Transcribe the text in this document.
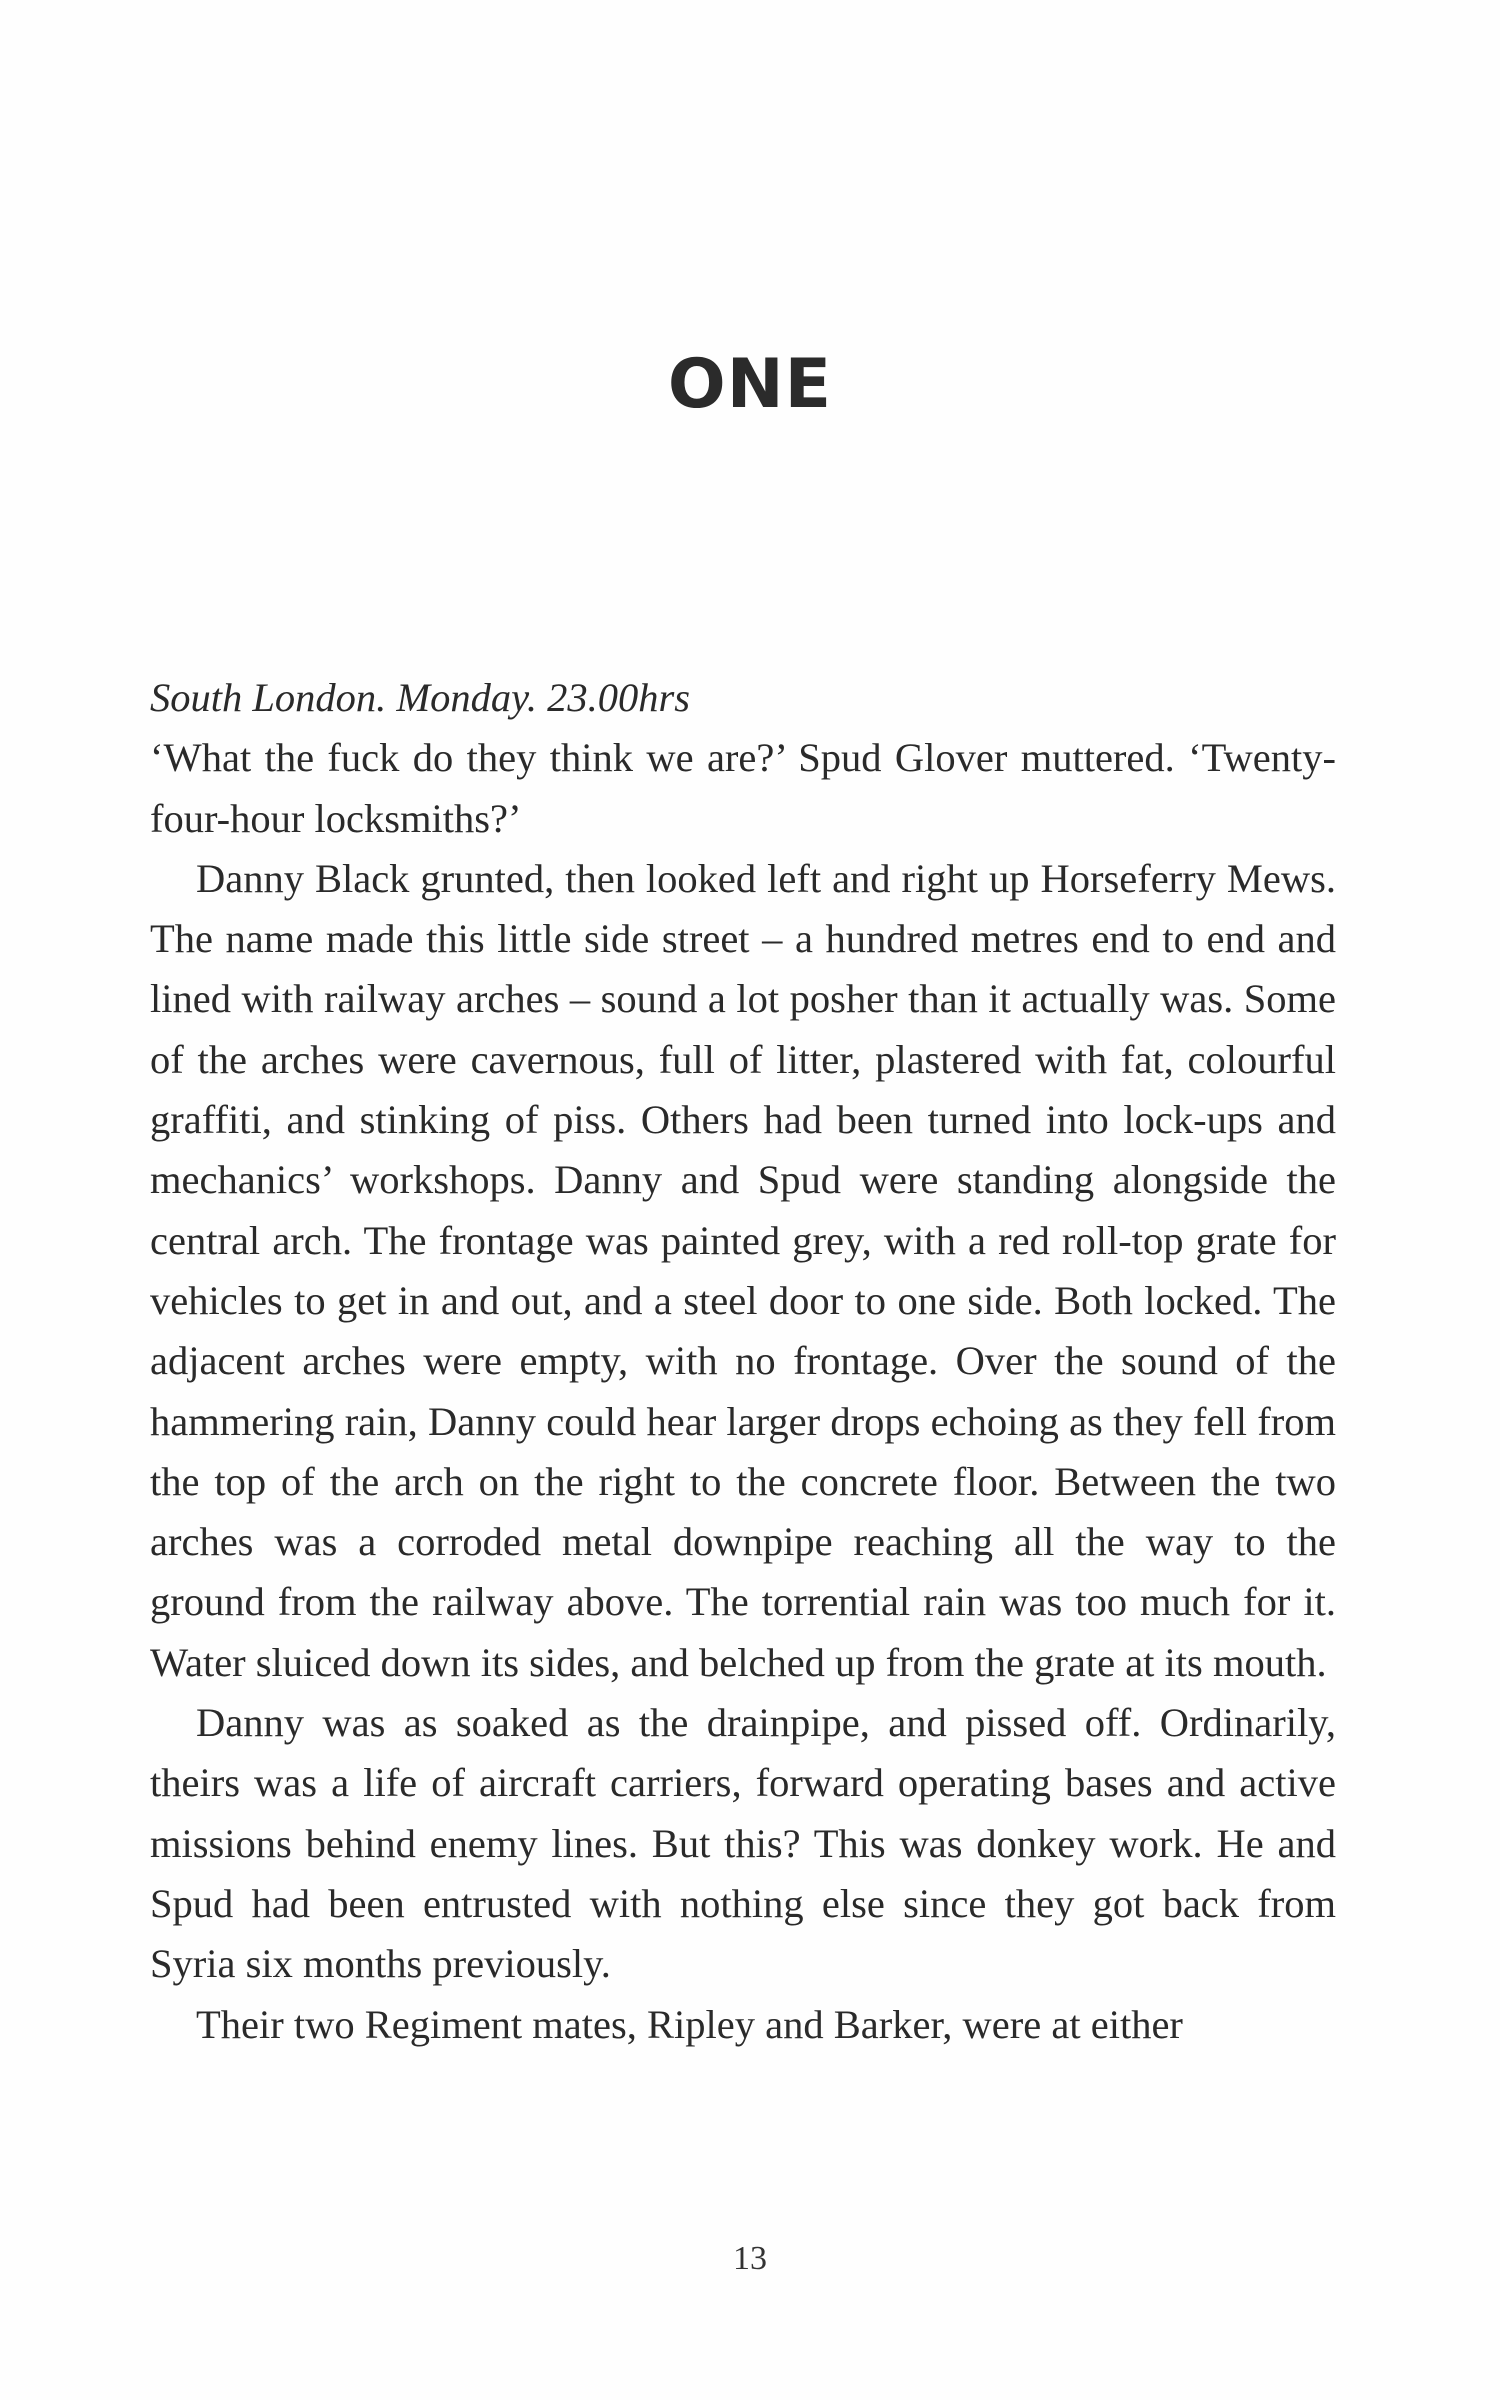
ONE

South London. Monday. 23.00hrs

‘What the fuck do they think we are?’ Spud Glover muttered. ‘Twenty-four-hour locksmiths?’

Danny Black grunted, then looked left and right up Horseferry Mews. The name made this little side street – a hundred metres end to end and lined with railway arches – sound a lot posher than it actually was. Some of the arches were cavernous, full of litter, plastered with fat, colourful graffiti, and stinking of piss. Others had been turned into lock-ups and mechanics’ workshops. Danny and Spud were standing alongside the central arch. The frontage was painted grey, with a red roll-top grate for vehicles to get in and out, and a steel door to one side. Both locked. The adjacent arches were empty, with no frontage. Over the sound of the hammering rain, Danny could hear larger drops echoing as they fell from the top of the arch on the right to the concrete floor. Between the two arches was a corroded metal downpipe reaching all the way to the ground from the railway above. The torrential rain was too much for it. Water sluiced down its sides, and belched up from the grate at its mouth.

Danny was as soaked as the drainpipe, and pissed off. Ordinarily, theirs was a life of aircraft carriers, forward operating bases and active missions behind enemy lines. But this? This was donkey work. He and Spud had been entrusted with nothing else since they got back from Syria six months previously.

Their two Regiment mates, Ripley and Barker, were at either

13
